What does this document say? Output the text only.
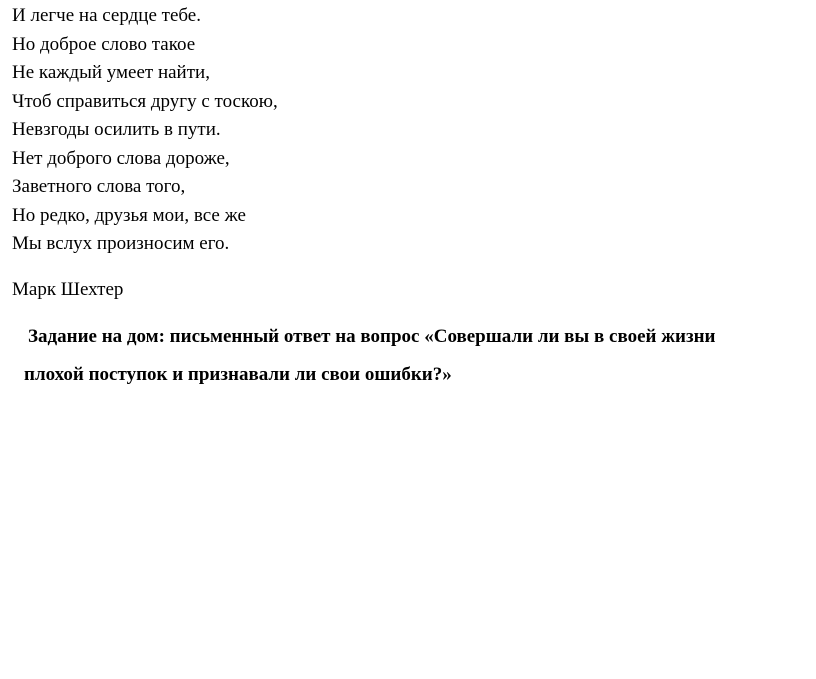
И легче на сердце тебе.
Но доброе слово такое
Не каждый умеет найти,
Чтоб справиться другу с тоскою,
Невзгоды осилить в пути.
Нет доброго слова дороже,
Заветного слова того,
Но редко, друзья мои, все же
Мы вслух произносим его.
Марк Шехтер
Задание на дом: письменный ответ на вопрос «Совершали ли вы в своей жизни
плохой поступок и признавали ли свои ошибки?»
